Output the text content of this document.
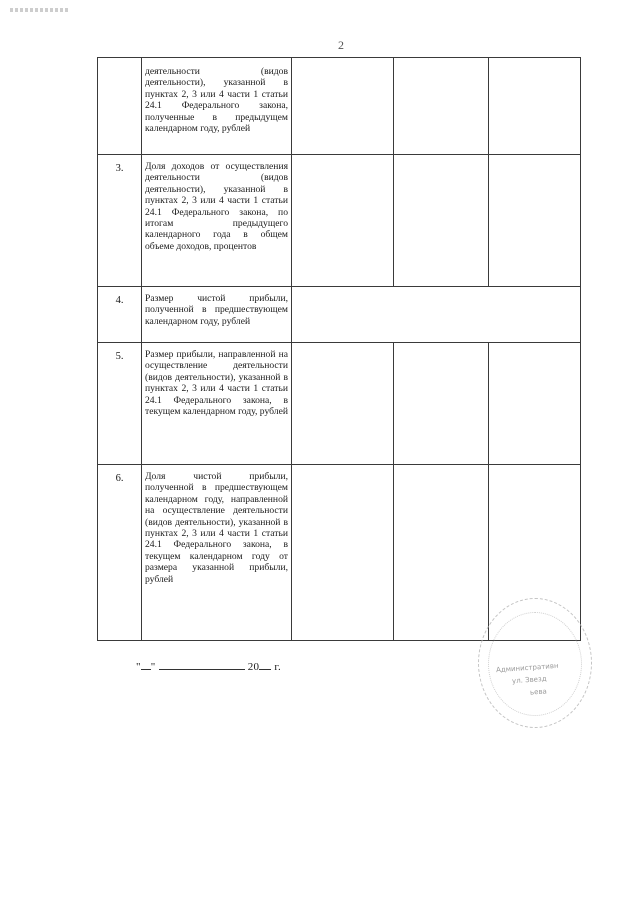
2
деятельности (видов деятельности), указанной в пунктах 2, 3 или 4 части 1 статьи 24.1 Федерального закона, полученные в предыдущем календарном году, рублей
3.	Доля доходов от осуществления деятельности (видов деятельности), указанной в пунктах 2, 3 или 4 части 1 статьи 24.1 Федерального закона, по итогам предыдущего календарного года в общем объеме доходов, процентов
4.	Размер чистой прибыли, полученной в предшествующем календарном году, рублей
5.	Размер прибыли, направленной на осуществление деятельности (видов деятельности), указанной в пунктах 2, 3 или 4 части 1 статьи 24.1 Федерального закона, в текущем календарном году, рублей
6.	Доля чистой прибыли, полученной в предшествующем календарном году, направленной на осуществление деятельности (видов деятельности), указанной в пунктах 2, 3 или 4 части 1 статьи 24.1 Федерального закона, в текущем календарном году от размера указанной прибыли, рублей
" "	20 г.	Административн
ул. Звезд
ьева
